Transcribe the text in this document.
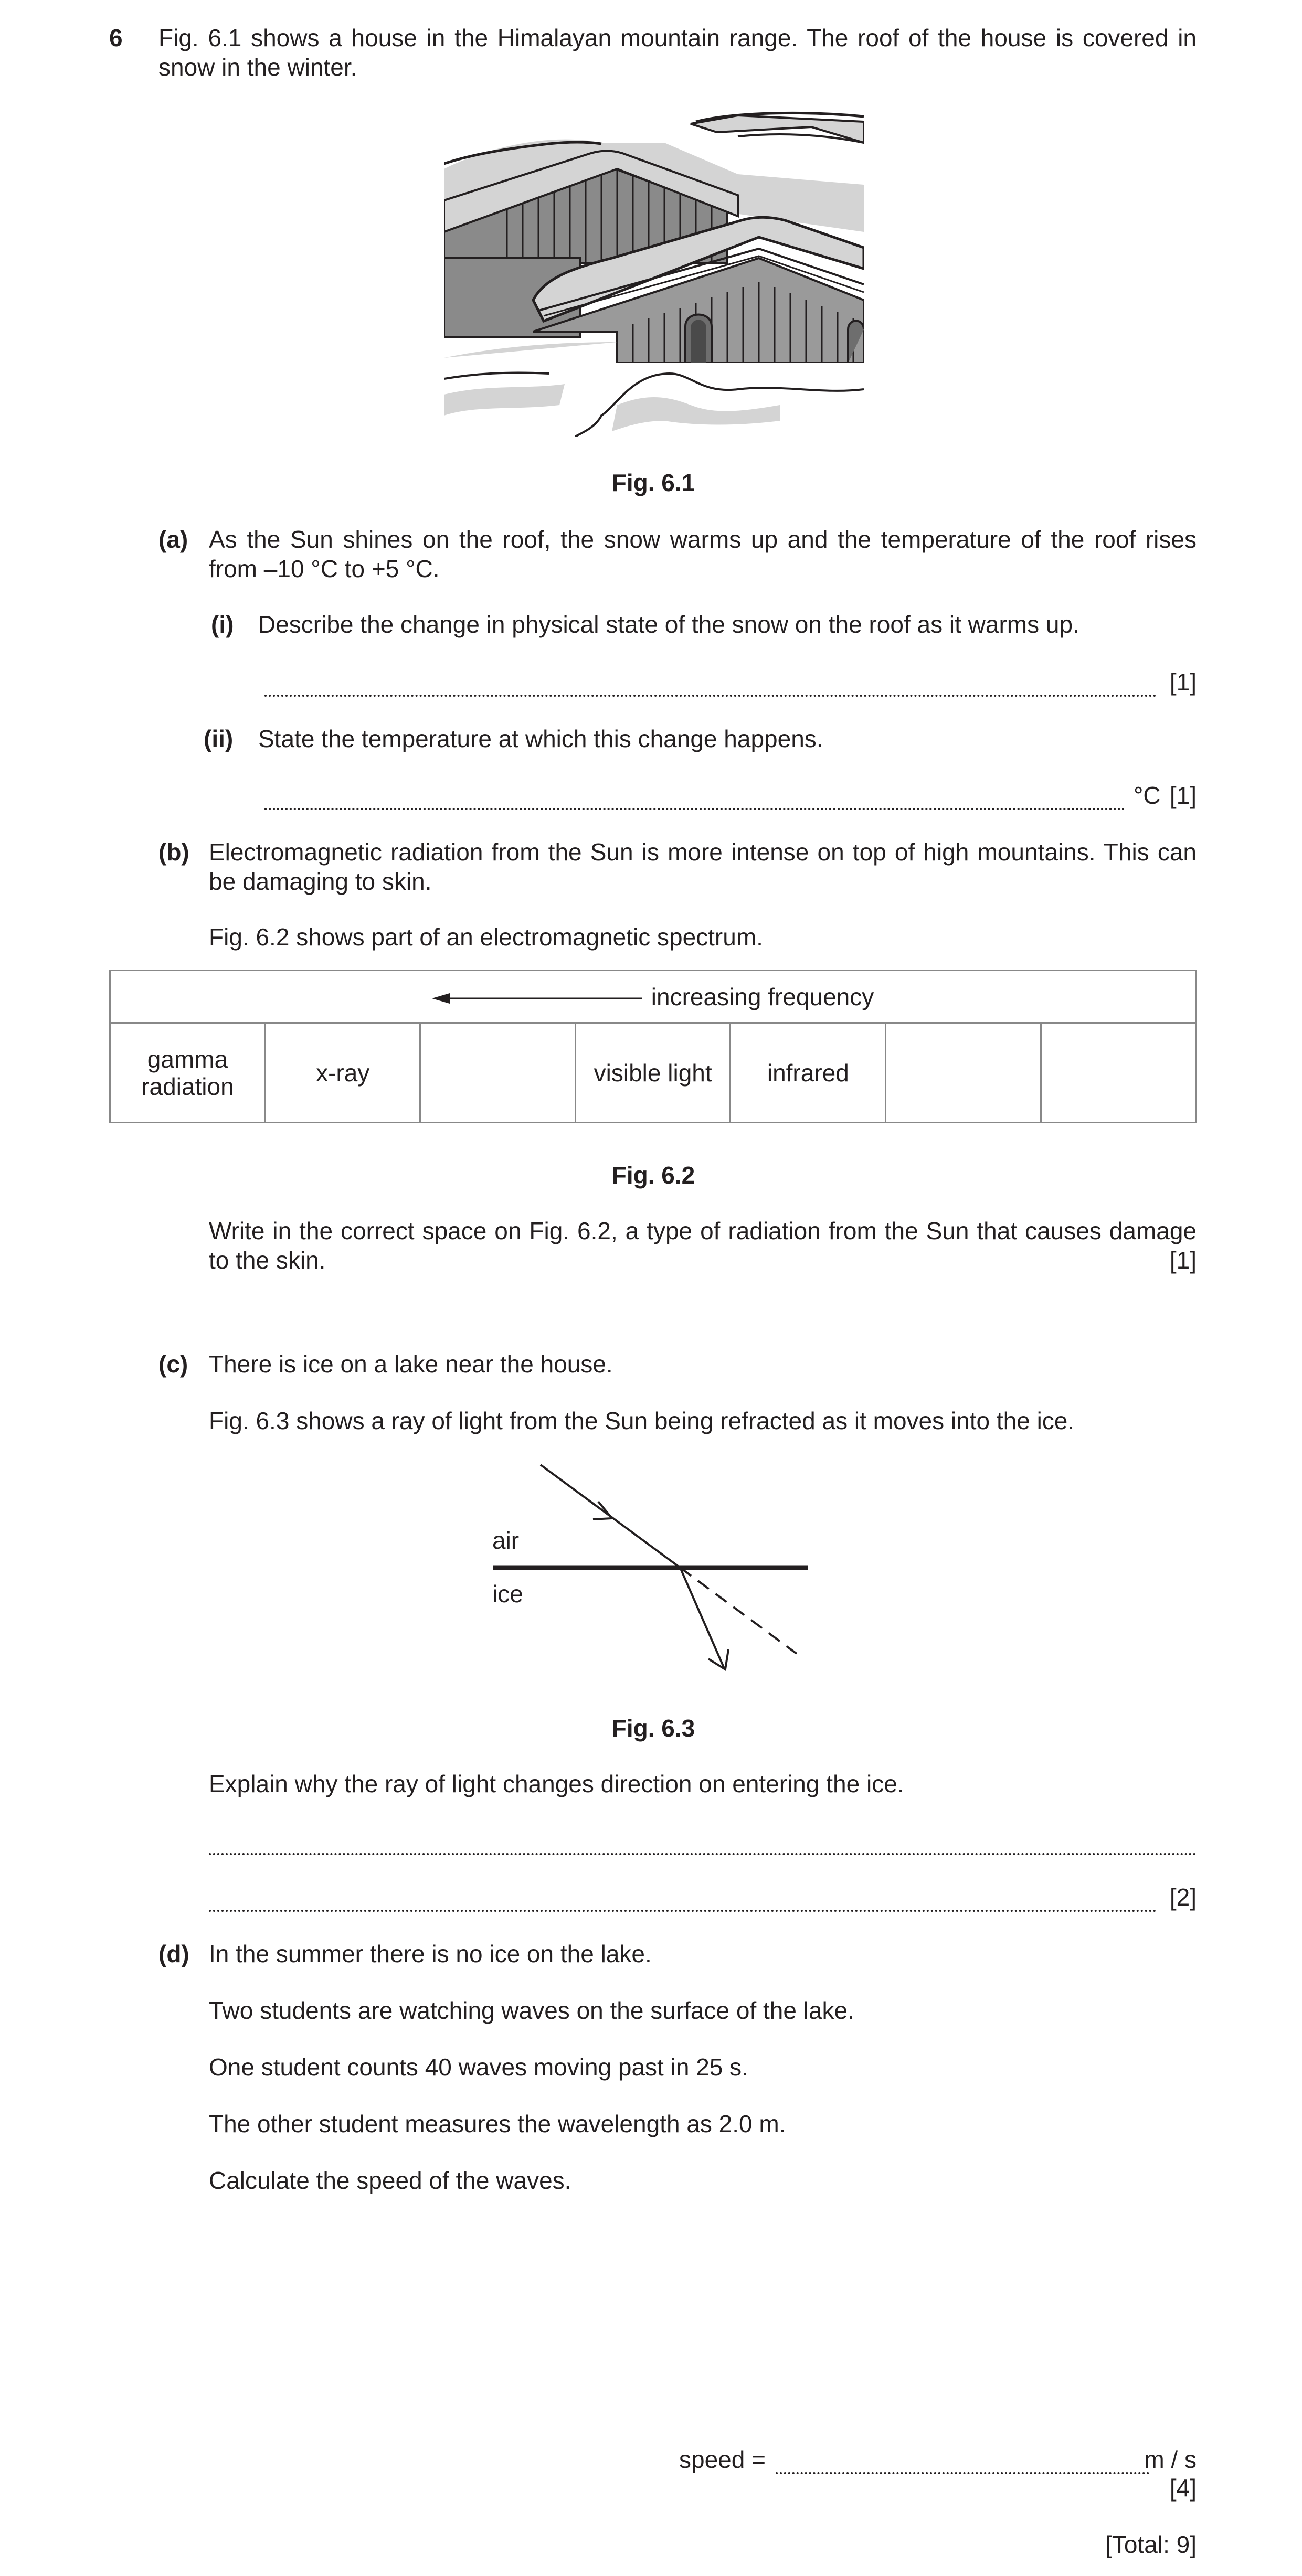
6 Fig. 6.1 shows a house in the Himalayan mountain range. The roof of the house is covered in snow in the winter.
Fig. 6.1
(a) As the Sun shines on the roof, the snow warms up and the temperature of the roof rises from –10 °C to +5 °C.
(i) Describe the change in physical state of the snow on the roof as it warms up.
[1]
(ii) State the temperature at which this change happens.
°C [1]
(b) Electromagnetic radiation from the Sun is more intense on top of high mountains. This can be damaging to skin.
Fig. 6.2 shows part of an electromagnetic spectrum.
increasing frequency
gamma radiation	x-ray		visible light	infrared		
Fig. 6.2
Write in the correct space on Fig. 6.2, a type of radiation from the Sun that causes damage to the skin.	[1]
(c) There is ice on a lake near the house.
Fig. 6.3 shows a ray of light from the Sun being refracted as it moves into the ice.
air
ice
Fig. 6.3
Explain why the ray of light changes direction on entering the ice.
[2]
(d) In the summer there is no ice on the lake.
Two students are watching waves on the surface of the lake.
One student counts 40 waves moving past in 25 s.
The other student measures the wavelength as 2.0 m.
Calculate the speed of the waves.
speed =	m / s
[4]
[Total: 9]
